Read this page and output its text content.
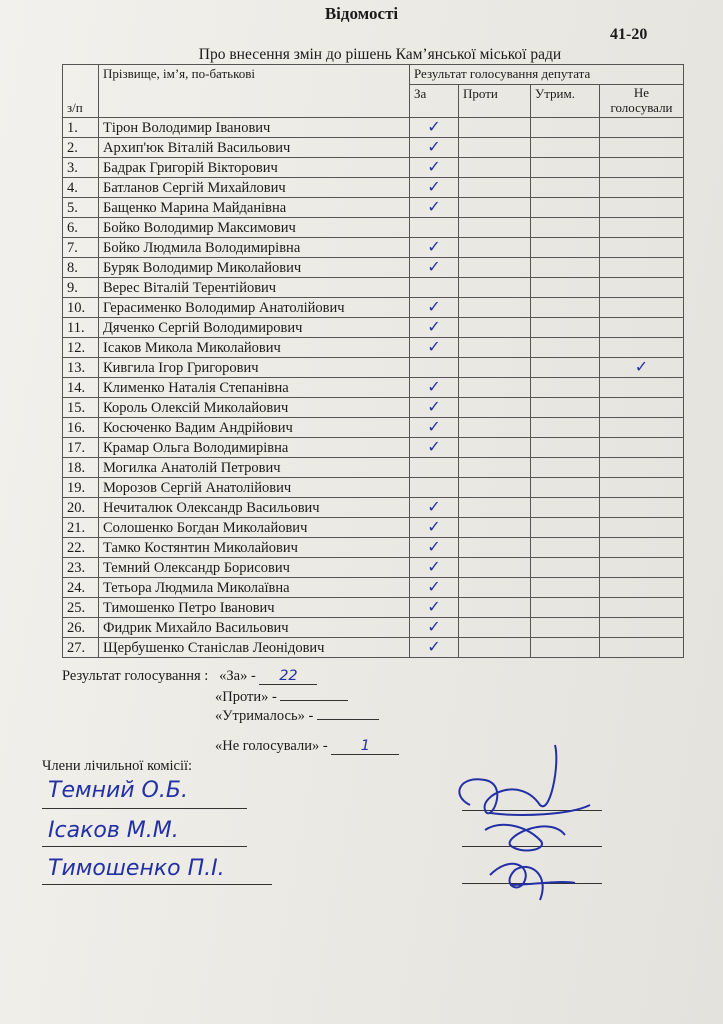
Відомості
41-20
Про внесення змін до рішень Кам’янської міської ради
з/п	Прізвище, ім’я, по-батькові	Результат голосування депутата			
		За	Проти	Утрим.	Не голосували
1.	Тірон Володимир Іванович	✓			
2.	Архип'юк Віталій Васильович	✓			
3.	Бадрак Григорій Вікторович	✓			
4.	Батланов Сергій Михайлович	✓			
5.	Бащенко Марина Майданівна	✓			
6.	Бойко Володимир Максимович				
7.	Бойко Людмила Володимирівна	✓			
8.	Буряк Володимир Миколайович	✓			
9.	Верес Віталій Терентійович				
10.	Герасименко Володимир Анатолійович	✓			
11.	Дяченко Сергій Володимирович	✓			
12.	Ісаков Микола Миколайович	✓			
13.	Кивгила Ігор Григорович				✓
14.	Клименко Наталія Степанівна	✓			
15.	Король Олексій Миколайович	✓			
16.	Косюченко Вадим Андрійович	✓			
17.	Крамар Ольга Володимирівна	✓			
18.	Могилка Анатолій Петрович				
19.	Морозов Сергій Анатолійович				
20.	Нечиталюк Олександр Васильович	✓			
21.	Солошенко Богдан Миколайович	✓			
22.	Тамко Костянтин Миколайович	✓			
23.	Темний Олександр Борисович	✓			
24.	Тетьора Людмила Миколаївна	✓			
25.	Тимошенко Петро Іванович	✓			
26.	Фидрик Михайло Васильович	✓			
27.	Щербушенко Станіслав Леонідович	✓			
Результат голосування : «За» - 22
«Проти» -
«Утрималось» -
«Не голосували» - 1
Члени лічильної комісії:
Темний О.Б.
Ісаков М.М.
Тимошенко П.І.
